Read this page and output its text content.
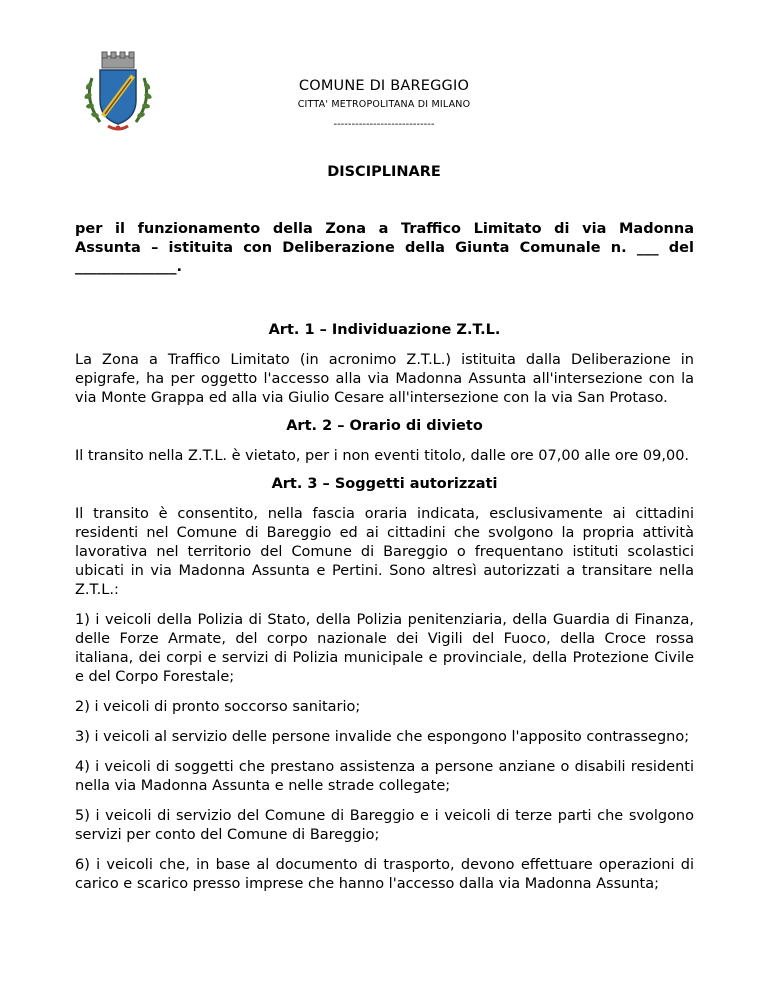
COMUNE DI BAREGGIO
CITTA' METROPOLITANA DI MILANO
----------------------------
DISCIPLINARE

per il funzionamento della Zona a Traffico Limitato di via Madonna

Assunta – istituita con Deliberazione della Giunta Comunale n. ___ del

______________.

Art. 1 – Individuazione Z.T.L.

La Zona a Traffico Limitato (in acronimo Z.T.L.) istituita dalla Deliberazione in epigrafe, ha per oggetto l'accesso alla via Madonna Assunta all'intersezione con la via Monte Grappa ed alla via Giulio Cesare all'intersezione con la via San Protaso.

Art. 2 – Orario di divieto

Il transito nella Z.T.L. è vietato, per i non eventi titolo, dalle ore 07,00 alle ore 09,00.

Art. 3 – Soggetti autorizzati

Il transito è consentito, nella fascia oraria indicata, esclusivamente ai cittadini residenti nel Comune di Bareggio ed ai cittadini che svolgono la propria attività lavorativa nel territorio del Comune di Bareggio o frequentano istituti scolastici ubicati in via Madonna Assunta e Pertini. Sono altresì autorizzati a transitare nella Z.T.L.:

1) i veicoli della Polizia di Stato, della Polizia penitenziaria, della Guardia di Finanza, delle Forze Armate, del corpo nazionale dei Vigili del Fuoco, della Croce rossa italiana, dei corpi e servizi di Polizia municipale e provinciale, della Protezione Civile e del Corpo Forestale;

2) i veicoli di pronto soccorso sanitario;

3) i veicoli al servizio delle persone invalide che espongono l'apposito contrassegno;

4) i veicoli di soggetti che prestano assistenza a persone anziane o disabili residenti nella via Madonna Assunta e nelle strade collegate;

5) i veicoli di servizio del Comune di Bareggio e i veicoli di terze parti che svolgono servizi per conto del Comune di Bareggio;

6) i veicoli che, in base al documento di trasporto, devono effettuare operazioni di carico e scarico presso imprese che hanno l'accesso dalla via Madonna Assunta;
